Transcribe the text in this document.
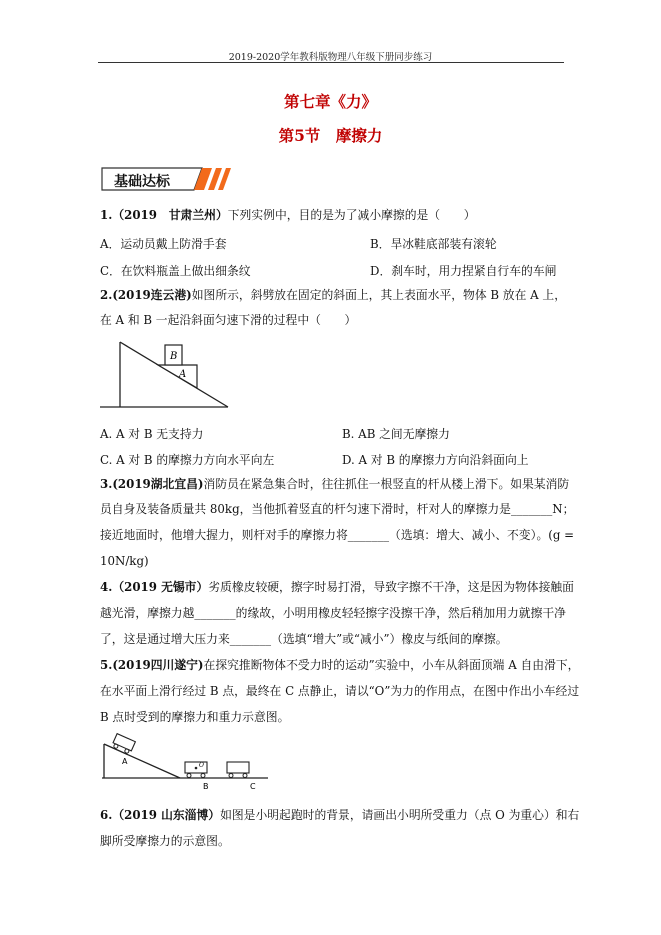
2019-2020学年教科版物理八年级下册同步练习
第七章《力》
第5节　摩擦力
基础达标
1.（2019　甘肃兰州）下列实例中，目的是为了减小摩擦的是（　　）
A．运动员戴上防滑手套	B．旱冰鞋底部装有滚轮
C．在饮料瓶盖上做出细条纹	D．刹车时，用力捏紧自行车的车闸
2.(2019连云港)如图所示，斜劈放在固定的斜面上，其上表面水平，物体 B 放在 A 上，
在 A 和 B 一起沿斜面匀速下滑的过程中（　　）
B
A
A. A 对 B 无支持力	B. AB 之间无摩擦力
C. A 对 B 的摩擦力方向水平向左	D. A 对 B 的摩擦力方向沿斜面向上
3.(2019湖北宜昌)消防员在紧急集合时，往往抓住一根竖直的杆从楼上滑下。如果某消防
员自身及装备质量共 80kg，当他抓着竖直的杆匀速下滑时，杆对人的摩擦力是_______N；
接近地面时，他增大握力，则杆对手的摩擦力将_______（选填：增大、减小、不变）。(g =
10N/kg)
4.（2019 无锡市）劣质橡皮较硬，擦字时易打滑，导致字擦不干净，这是因为物体接触面
越光滑，摩擦力越_______的缘故，小明用橡皮轻轻擦字没擦干净，然后稍加用力就擦干净
了，这是通过增大压力来_______（选填“增大”或“减小”）橡皮与纸间的摩擦。
5.(2019四川遂宁)在探究推断物体不受力时的运动”实验中，小车从斜面顶端 A 自由滑下，
在水平面上滑行经过 B 点，最终在 C 点静止，请以“O”为力的作用点，在图中作出小车经过
B 点时受到的摩擦力和重力示意图。
A	O
B	C
6.（2019 山东淄博）如图是小明起跑时的背景，请画出小明所受重力（点 O 为重心）和右
脚所受摩擦力的示意图。
